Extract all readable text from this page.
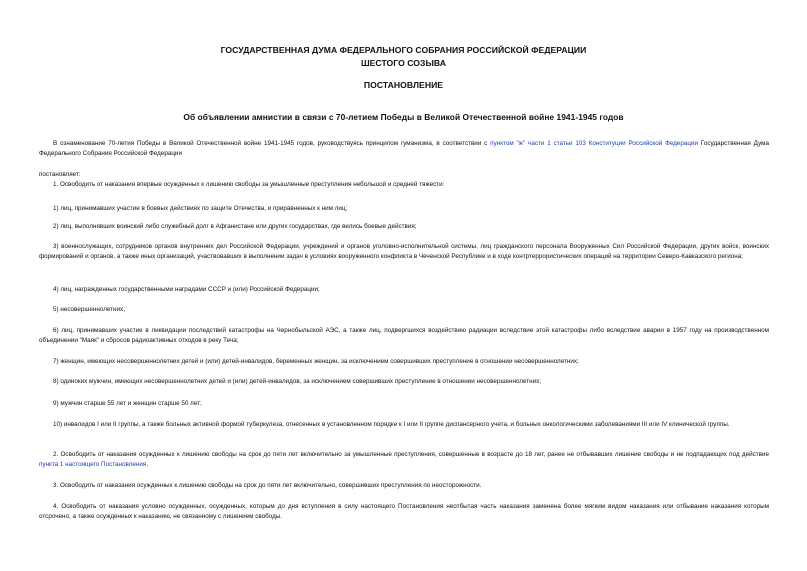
ГОСУДАРСТВЕННАЯ ДУМА ФЕДЕРАЛЬНОГО СОБРАНИЯ РОССИЙСКОЙ ФЕДЕРАЦИИ
ШЕСТОГО СОЗЫВА
ПОСТАНОВЛЕНИЕ
Об объявлении амнистии в связи с 70-летием Победы в Великой Отечественной войне 1941-1945 годов
В ознаменование 70-летия Победы в Великой Отечественной войне 1941-1945 годов, руководствуясь принципом гуманизма, в соответствии с пунктом "ж" части 1 статьи 103 Конституции Российской Федерации Государственная Дума Федерального Собрания Российской Федерации
постановляет:
1. Освободить от наказания впервые осужденных к лишению свободы за умышленные преступления небольшой и средней тяжести:
1) лиц, принимавших участие в боевых действиях по защите Отечества, и приравненных к ним лиц;
2) лиц, выполнявших воинский либо служебный долг в Афганистане или других государствах, где велись боевые действия;
3) военнослужащих, сотрудников органов внутренних дел Российской Федерации, учреждений и органов уголовно-исполнительной системы, лиц гражданского персонала Вооруженных Сил Российской Федерации, других войск, воинских формирований и органов, а также иных организаций, участвовавших в выполнении задач в условиях вооруженного конфликта в Чеченской Республике и в ходе контртеррористических операций на территории Северо-Кавказского региона;
4) лиц, награжденных государственными наградами СССР и (или) Российской Федерации;
5) несовершеннолетних;
6) лиц, принимавших участие в ликвидации последствий катастрофы на Чернобыльской АЭС, а также лиц, подвергшихся воздействию радиации вследствие этой катастрофы либо вследствие аварии в 1957 году на производственном объединении "Маяк" и сбросов радиоактивных отходов в реку Теча;
7) женщин, имеющих несовершеннолетних детей и (или) детей-инвалидов, беременных женщин, за исключением совершивших преступление в отношении несовершеннолетних;
8) одиноких мужчин, имеющих несовершеннолетних детей и (или) детей-инвалидов, за исключением совершивших преступление в отношении несовершеннолетних;
9) мужчин старше 55 лет и женщин старше 50 лет;
10) инвалидов I или II группы, а также больных активной формой туберкулеза, отнесенных в установленном порядке к I или II группе диспансерного учета, и больных онкологическими заболеваниями III или IV клинической группы.
2. Освободить от наказания осужденных к лишению свободы на срок до пяти лет включительно за умышленные преступления, совершенные в возрасте до 18 лет, ранее не отбывавших лишение свободы и не подпадающих под действие пункта 1 настоящего Постановления.
3. Освободить от наказания осужденных к лишению свободы на срок до пяти лет включительно, совершивших преступления по неосторожности.
4. Освободить от наказания условно осужденных, осужденных, которым до дня вступления в силу настоящего Постановления неотбытая часть наказания заменена более мягким видом наказания или отбывание наказания которым отсрочено, а также осужденных к наказанию, не связанному с лишением свободы.
